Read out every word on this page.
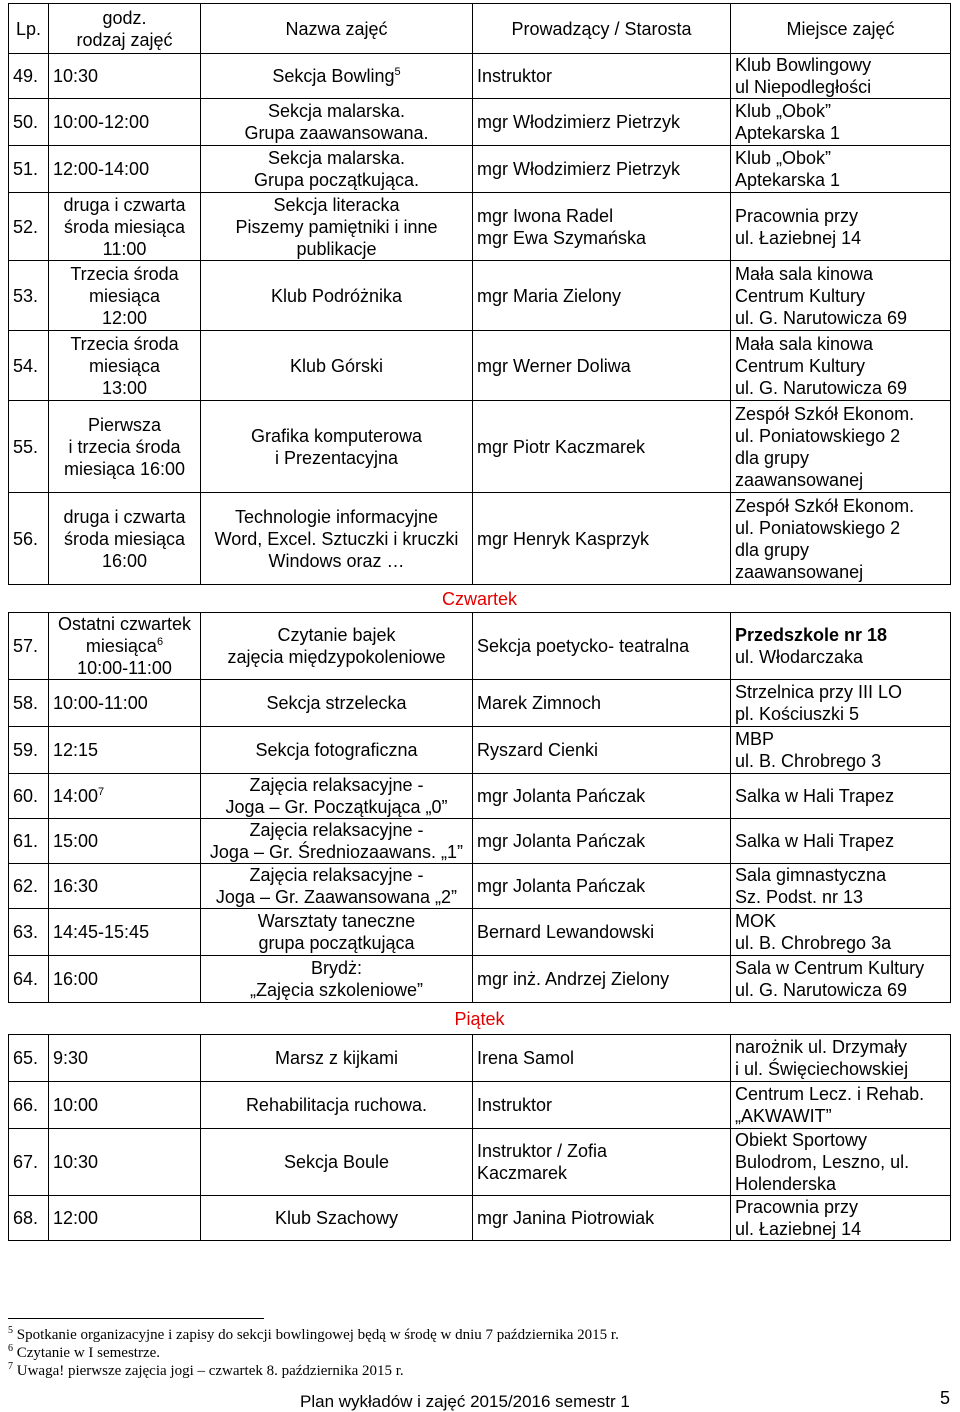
Lp.	godz.
rodzaj zajęć	Nazwa zajęć	Prowadzący / Starosta	Miejsce zajęć
49.	10:30	Sekcja Bowling$^5$	Instruktor	Klub Bowlingowy
ul Niepodległości

50.	10:00-12:00	Sekcja malarska.
Grupa zaawansowana.	mgr Włodzimierz Pietrzyk	Klub „Obok”
Aptekarska 1

51.	12:00-14:00	Sekcja malarska.
Grupa początkująca.	mgr Włodzimierz Pietrzyk	Klub „Obok”
Aptekarska 1

52.	druga i czwarta
środa miesiąca
11:00	Sekcja literacka
Piszemy pamiętniki i inne
publikacje	mgr Iwona Radel
mgr Ewa Szymańska	Pracownia przy
ul. Łaziebnej 14

53.	Trzecia środa
miesiąca
12:00	Klub Podróżnika	mgr Maria Zielony	Mała sala kinowa
Centrum Kultury
ul. G. Narutowicza 69

54.	Trzecia środa
miesiąca
13:00	Klub Górski	mgr Werner Doliwa	Mała sala kinowa
Centrum Kultury
ul. G. Narutowicza 69

55.	Pierwsza
i trzecia środa
miesiąca 16:00	Grafika komputerowa
i Prezentacyjna	mgr Piotr Kaczmarek	Zespół Szkół Ekonom.
ul. Poniatowskiego 2
dla grupy
zaawansowanej

56.	druga i czwarta
środa miesiąca
16:00	Technologie informacyjne
Word, Excel. Sztuczki i kruczki
Windows oraz …	mgr Henryk Kasprzyk	Zespół Szkół Ekonom.
ul. Poniatowskiego 2
dla grupy
zaawansowanej

Czwartek				
57.	Ostatni czwartek
miesiąca$^6$
10:00-11:00	Czytanie bajek
zajęcia międzypokoleniowe	Sekcja poetycko- teatralna	Przedszkole nr 18
ul. Włodarczaka

58.	10:00-11:00	Sekcja strzelecka	Marek Zimnoch	Strzelnica przy III LO
pl. Kościuszki 5

59.	12:15	Sekcja fotograficzna	Ryszard Cienki	MBP
ul. B. Chrobrego 3

60.	$14:00^7$	Zajęcia relaksacyjne -
Joga – Gr. Początkująca „0”	mgr Jolanta Pańczak	Salka w Hali Trapez

61.	15:00	Zajęcia relaksacyjne -
Joga – Gr. Średniozaawans. „1”	mgr Jolanta Pańczak	Salka w Hali Trapez

62.	16:30	Zajęcia relaksacyjne -
Joga – Gr. Zaawansowana „2”	mgr Jolanta Pańczak	Sala gimnastyczna
Sz. Podst. nr 13

63.	14:45-15:45	Warsztaty taneczne
grupa początkująca	Bernard Lewandowski	MOK
ul. B. Chrobrego 3a

64.	16:00	Brydż:
„Zajęcia szkoleniowe”	mgr inż. Andrzej Zielony	Sala w Centrum Kultury
ul. G. Narutowicza 69

Piątek				
65.	9:30	Marsz z kijkami	Irena Samol	narożnik ul. Drzymały
i ul. Święciechowskiej

66.	10:00	Rehabilitacja ruchowa.	Instruktor	Centrum Lecz. i Rehab.
„AKWAWIT”

67.	10:30	Sekcja Boule	Instruktor / Zofia
Kaczmarek	Obiekt Sportowy
Bulodrom, Leszno, ul.
Holenderska

68.	12:00	Klub Szachowy	mgr Janina Piotrowiak	Pracownia przy
ul. Łaziebnej 14
$^5$ Spotkanie organizacyjne i zapisy do sekcji bowlingowej będą w środę w dniu 7 października 2015 r.
$^6$ Czytanie w I semestrze.
$^7$ Uwaga! pierwsze zajęcia jogi – czwartek 8. października 2015 r.
Plan wykładów i zajęć 2015/2016 semestr 1	5
